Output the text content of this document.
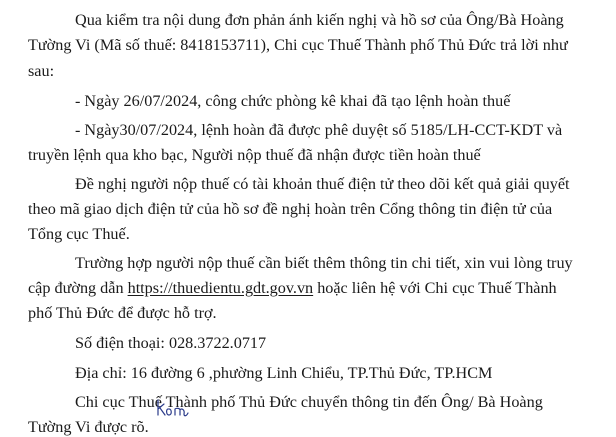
Qua kiểm tra nội dung đơn phản ánh kiến nghị và hồ sơ của Ông/Bà Hoàng
Tường Vi (Mã số thuế: 8418153711), Chi cục Thuế Thành phố Thủ Đức trả lời như
sau:
- Ngày 26/07/2024, công chức phòng kê khai đã tạo lệnh hoàn thuế
- Ngày30/07/2024, lệnh hoàn đã được phê duyệt số 5185/LH-CCT-KDT và
truyền lệnh qua kho bạc, Người nộp thuế đã nhận được tiền hoàn thuế
Đề nghị người nộp thuế có tài khoản thuế điện tử theo dõi kết quả giải quyết
theo mã giao dịch điện tử của hồ sơ đề nghị hoàn trên Cổng thông tin điện tử của
Tổng cục Thuế.
Trường hợp người nộp thuế cần biết thêm thông tin chi tiết, xin vui lòng truy
cập đường dẫn https://thuedientu.gdt.gov.vn hoặc liên hệ với Chi cục Thuế Thành
phố Thủ Đức để được hỗ trợ.
Số điện thoại: 028.3722.0717
Địa chỉ: 16 đường 6 ,phường Linh Chiểu, TP.Thủ Đức, TP.HCM
Chi cục Thuế Thành phố Thủ Đức chuyển thông tin đến Ông/ Bà Hoàng
Tường Vi được rõ.
